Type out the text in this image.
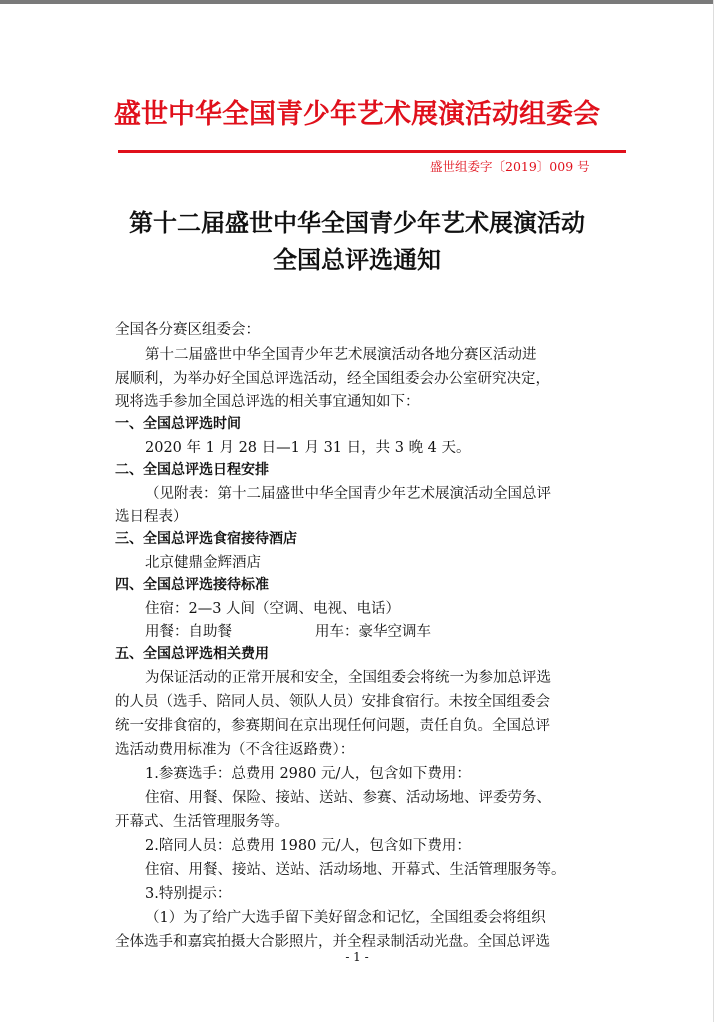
盛世中华全国青少年艺术展演活动组委会
盛世组委字〔2019〕009 号
第十二届盛世中华全国青少年艺术展演活动
全国总评选通知
全国各分赛区组委会：
第十二届盛世中华全国青少年艺术展演活动各地分赛区活动进
展顺利，为举办好全国总评选活动，经全国组委会办公室研究决定，
现将选手参加全国总评选的相关事宜通知如下：
一、全国总评选时间
2020 年 1 月 28 日—1 月 31 日，共 3 晚 4 天。
二、全国总评选日程安排
（见附表：第十二届盛世中华全国青少年艺术展演活动全国总评
选日程表）
三、全国总评选食宿接待酒店
北京健鼎金辉酒店
四、全国总评选接待标准
住宿：2—3 人间（空调、电视、电话）
用餐：自助餐	用车：豪华空调车
五、全国总评选相关费用
为保证活动的正常开展和安全，全国组委会将统一为参加总评选
的人员（选手、陪同人员、领队人员）安排食宿行。未按全国组委会
统一安排食宿的，参赛期间在京出现任何问题，责任自负。全国总评
选活动费用标准为（不含往返路费）：
1.参赛选手：总费用 2980 元/人，包含如下费用：
住宿、用餐、保险、接站、送站、参赛、活动场地、评委劳务、
开幕式、生活管理服务等。
2.陪同人员：总费用 1980 元/人，包含如下费用：
住宿、用餐、接站、送站、活动场地、开幕式、生活管理服务等。
3.特别提示：
（1）为了给广大选手留下美好留念和记忆，全国组委会将组织
全体选手和嘉宾拍摄大合影照片，并全程录制活动光盘。全国总评选
- 1 -
